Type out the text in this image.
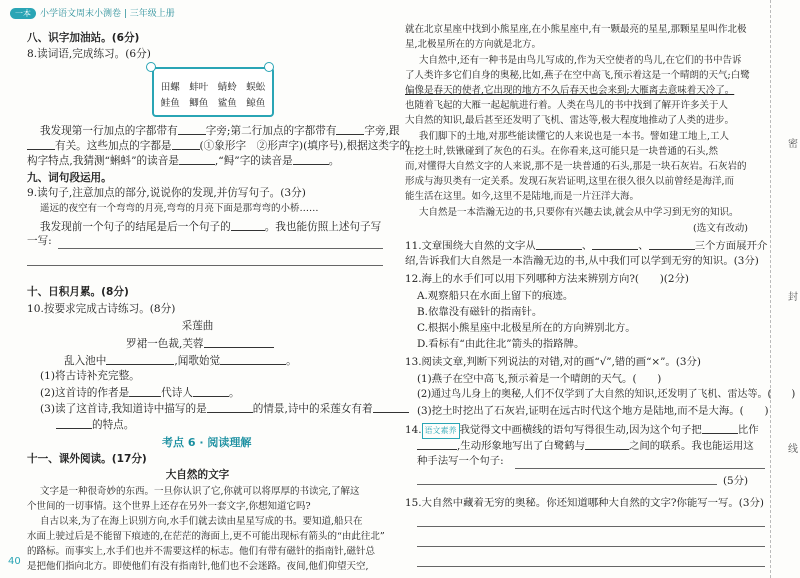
密
封
线
一本 小学语文周末小测卷 | 三年级上册
八、识字加油站。(6分)
8.读词语,完成练习。(6分)
田螺　蚌叶　蜻蛉　蜈蚣
鲑鱼　鲫鱼　鲨鱼　鲸鱼
我发现第一行加点的字都带有	字旁;第二行加点的字都带有	字旁,跟
有关。这些加点的字都是	(①象形字　②形声字)(填序号),根据这类字的
构字特点,我猜测“蝌蚪”的读音是	,“鲟”字的读音是	。
九、词句段运用。
9.读句子,注意加点的部分,说说你的发现,并仿写句子。(3分)
遥远的夜空有一个弯弯的月亮,弯弯的月亮下面是那弯弯的小桥……
我发现前一个句子的结尾是后一个句子的	。我也能仿照上述句子写
一写:
十、日积月累。(8分)
10.按要求完成古诗练习。(8分)
采莲曲
罗裙一色裁,芙蓉
乱入池中	,闻歌始觉	。
(1)将古诗补充完整。
(2)这首诗的作者是	代诗人	。
(3)读了这首诗,我知道诗中描写的是	的情景,诗中的采莲女有着
的特点。
考点 6 · 阅读理解
十一、课外阅读。(17分)
大自然的文字
文字是一种很奇妙的东西。一旦你认识了它,你就可以将厚厚的书读完,了解这
个世间的一切事情。这个世界上还存在另外一套文字,你想知道它吗?
自古以来,为了在海上识别方向,水手们就去读由星星写成的书。要知道,船只在
水面上驶过后是不能留下痕迹的,在茫茫的海面上,更不可能出现标有箭头的“由此往北”
的路标。而事实上,水手们也并不需要这样的标志。他们有带有磁针的指南针,磁针总
是把他们指向北方。即使他们有没有指南针,他们也不会迷路。夜间,他们仰望天空,
40
就在北京星座中找到小熊星座,在小熊星座中,有一颗最亮的星星,那颗星星叫作北极
星,北极星所在的方向就是北方。
大自然中,还有一种书是由鸟儿写成的,作为天空使者的鸟儿,在它们的书中告诉
了人类许多它们自身的奥秘,比如,燕子在空中高飞,预示着这是一个晴朗的天气;白鹭
偏像是春天的使者,它出现的地方不久后春天也会来到;大雁离去意味着天冷了。
也随着飞起的大雁一起起航进行着。人类在鸟儿的书中找到了解开许多关于人
大自然的知识,最后甚至还发明了飞机、雷达等,极大程度地推动了人类的进步。
我们脚下的土地,对那些能读懂它的人来说也是一本书。譬如建工地上,工人
在挖土时,铁锹碰到了灰色的石头。在你看来,这可能只是一块普通的石头,然
而,对懂得大自然文字的人来说,那不是一块普通的石头,那是一块石灰岩。石灰岩的
形成与海贝类有一定关系。发现石灰岩证明,这里在很久很久以前曾经是海洋,而
能生活在这里。如今,这里不是陆地,而是一片汪洋大海。
大自然是一本浩瀚无边的书,只要你有兴趣去读,就会从中学习到无穷的知识。
(选文有改动)
11.文章围绕大自然的文字从	、	、	三个方面展开介
绍,告诉我们大自然是一本浩瀚无边的书,从中我们可以学到无穷的知识。(3分)
12.海上的水手们可以用下列哪种方法来辨别方向?(　　)(2分)
A.观察船只在水面上留下的痕迹。
B.依靠没有磁针的指南针。
C.根据小熊星座中北极星所在的方向辨别北方。
D.看标有“由此往北”箭头的指路牌。
13.阅读文章,判断下列说法的对错,对的画“√”,错的画“×”。(3分)
(1)燕子在空中高飞,预示着是一个晴朗的天气。(　　)
(2)通过鸟儿身上的奥秘,人们不仅学到了大自然的知识,还发明了飞机、雷达等。(　　)
(3)挖土时挖出了石灰岩,证明在远古时代这个地方是陆地,而不是大海。(　　)
14. 语文素养 我觉得文中画横线的语句写得很生动,因为这个句子把	比作
,生动形象地写出了白鹭鹤与	之间的联系。我也能运用这
种手法写一个句子:
(5分)
15.大自然中藏着无穷的奥秘。你还知道哪种大自然的文字?你能写一写。(3分)
